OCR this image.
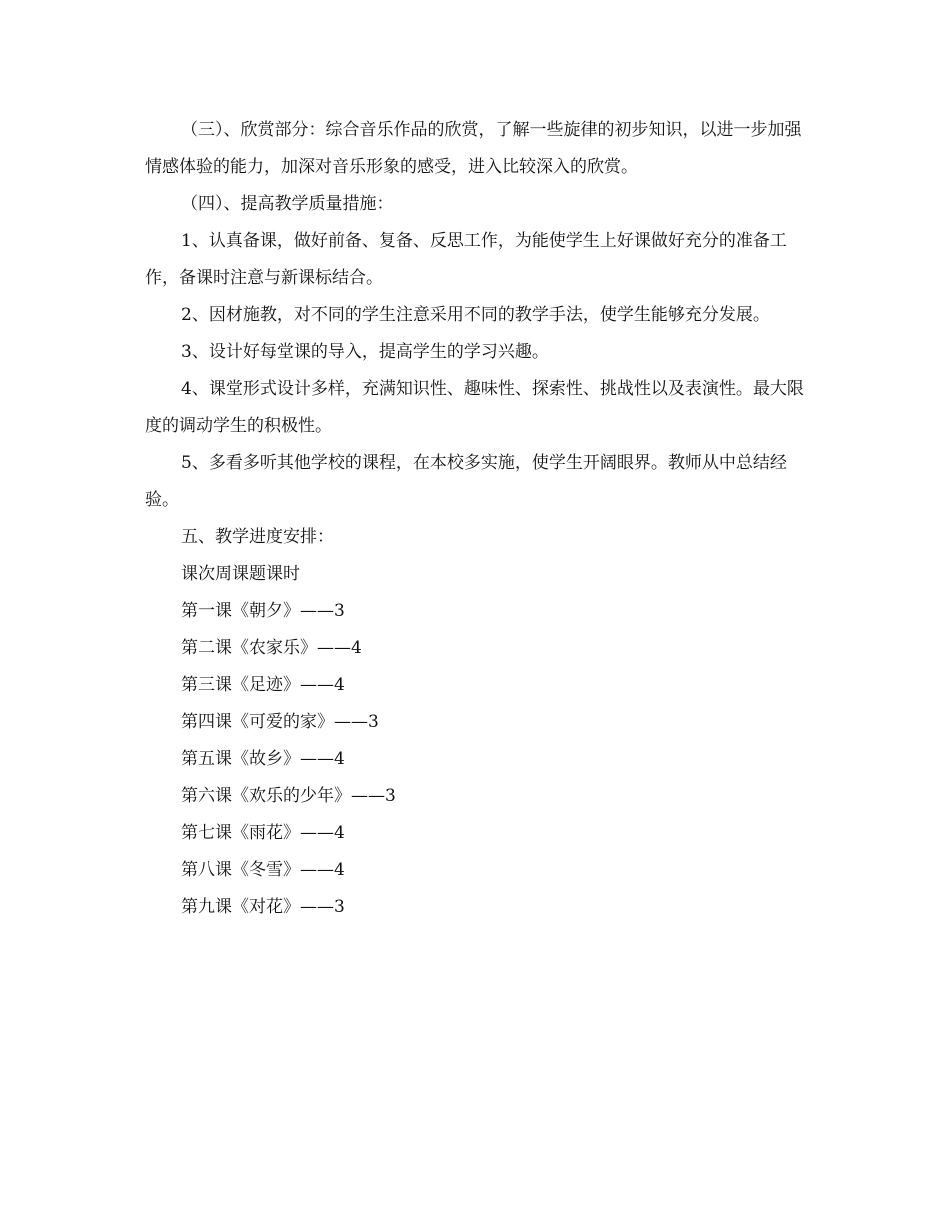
（三）、欣赏部分：综合音乐作品的欣赏，了解一些旋律的初步知识，以进一步加强情感体验的能力，加深对音乐形象的感受，进入比较深入的欣赏。

（四）、提高教学质量措施：

1、认真备课，做好前备、复备、反思工作，为能使学生上好课做好充分的准备工作，备课时注意与新课标结合。

2、因材施教，对不同的学生注意采用不同的教学手法，使学生能够充分发展。

3、设计好每堂课的导入，提高学生的学习兴趣。

4、课堂形式设计多样，充满知识性、趣味性、探索性、挑战性以及表演性。最大限度的调动学生的积极性。

5、多看多听其他学校的课程，在本校多实施，使学生开阔眼界。教师从中总结经验。

五、教学进度安排：

课次周课题课时
第一课《朝夕》——3
第二课《农家乐》——4
第三课《足迹》——4
第四课《可爱的家》——3
第五课《故乡》——4
第六课《欢乐的少年》——3
第七课《雨花》——4
第八课《冬雪》——4
第九课《对花》——3
